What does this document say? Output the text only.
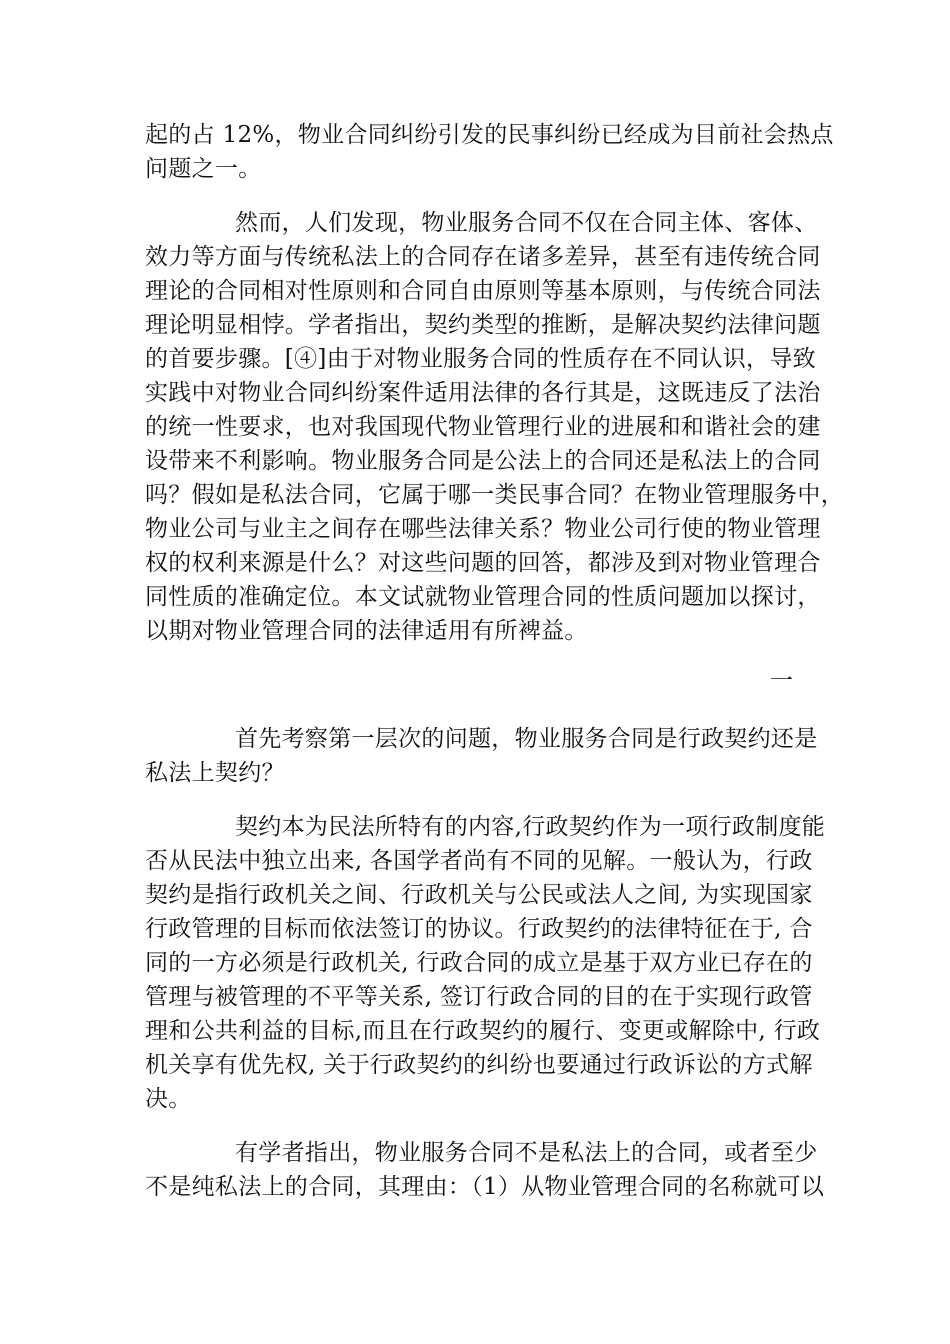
起的占 12%，物业合同纠纷引发的民事纠纷已经成为目前社会热点
问题之一。
然而，人们发现，物业服务合同不仅在合同主体、客体、
效力等方面与传统私法上的合同存在诸多差异，甚至有违传统合同
理论的合同相对性原则和合同自由原则等基本原则，与传统合同法
理论明显相悖。学者指出，契约类型的推断，是解决契约法律问题
的首要步骤。[④]由于对物业服务合同的性质存在不同认识，导致
实践中对物业合同纠纷案件适用法律的各行其是，这既违反了法治
的统一性要求，也对我国现代物业管理行业的进展和和谐社会的建
设带来不利影响。物业服务合同是公法上的合同还是私法上的合同
吗？假如是私法合同，它属于哪一类民事合同？在物业管理服务中，
物业公司与业主之间存在哪些法律关系？物业公司行使的物业管理
权的权利来源是什么？对这些问题的回答，都涉及到对物业管理合
同性质的准确定位。本文试就物业管理合同的性质问题加以探讨，
以期对物业管理合同的法律适用有所裨益。
一
首先考察第一层次的问题，物业服务合同是行政契约还是
私法上契约？
契约本为民法所特有的内容,行政契约作为一项行政制度能
否从民法中独立出来, 各国学者尚有不同的见解。一般认为，行政
契约是指行政机关之间、行政机关与公民或法人之间, 为实现国家
行政管理的目标而依法签订的协议。行政契约的法律特征在于, 合
同的一方必须是行政机关, 行政合同的成立是基于双方业已存在的
管理与被管理的不平等关系, 签订行政合同的目的在于实现行政管
理和公共利益的目标,而且在行政契约的履行、变更或解除中, 行政
机关享有优先权, 关于行政契约的纠纷也要通过行政诉讼的方式解
决。
有学者指出，物业服务合同不是私法上的合同，或者至少
不是纯私法上的合同，其理由：（1）从物业管理合同的名称就可以
